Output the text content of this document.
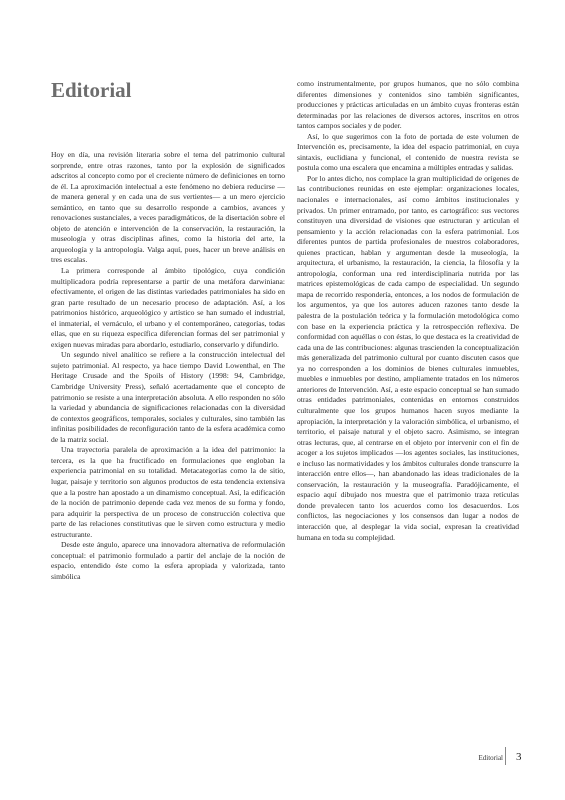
Editorial

Hoy en día, una revisión literaria sobre el tema del patrimonio cultural sorprende, entre otras razones, tanto por la explosión de significados adscritos al concepto como por el creciente número de definiciones en torno de él. La aproximación intelectual a este fenómeno no debiera reducirse —de manera general y en cada una de sus vertientes— a un mero ejercicio semántico, en tanto que su desarrollo responde a cambios, avances y renovaciones sustanciales, a veces paradigmáticos, de la disertación sobre el objeto de atención e intervención de la conservación, la restauración, la museología y otras disciplinas afines, como la historia del arte, la arqueología y la antropología. Valga aquí, pues, hacer un breve análisis en tres escalas.

La primera corresponde al ámbito tipológico, cuya condición multiplicadora podría representarse a partir de una metáfora darwiniana: efectivamente, el origen de las distintas variedades patrimoniales ha sido en gran parte resultado de un necesario proceso de adaptación. Así, a los patrimonios histórico, arqueológico y artístico se han sumado el industrial, el inmaterial, el vernáculo, el urbano y el contemporáneo, categorías, todas ellas, que en su riqueza específica diferencian formas del ser patrimonial y exigen nuevas miradas para abordarlo, estudiarlo, conservarlo y difundirlo.

Un segundo nivel analítico se refiere a la construcción intelectual del sujeto patrimonial. Al respecto, ya hace tiempo David Lowenthal, en The Heritage Crusade and the Spoils of History (1998: 94, Cambridge, Cambridge University Press), señaló acertadamente que el concepto de patrimonio se resiste a una interpretación absoluta. A ello responden no sólo la variedad y abundancia de significaciones relacionadas con la diversidad de contextos geográficos, temporales, sociales y culturales, sino también las infinitas posibilidades de reconfiguración tanto de la esfera académica como de la matriz social.

Una trayectoria paralela de aproximación a la idea del patrimonio: la tercera, es la que ha fructificado en formulaciones que engloban la experiencia patrimonial en su totalidad. Metacategorías como la de sitio, lugar, paisaje y territorio son algunos productos de esta tendencia extensiva que a la postre han apostado a un dinamismo conceptual. Así, la edificación de la noción de patrimonio depende cada vez menos de su forma y fondo, para adquirir la perspectiva de un proceso de construcción colectiva que parte de las relaciones constitutivas que le sirven como estructura y medio estructurante.

Desde este ángulo, aparece una innovadora alternativa de reformulación conceptual: el patrimonio formulado a partir del anclaje de la noción de espacio, entendido éste como la esfera apropiada y valorizada, tanto simbólica

como instrumentalmente, por grupos humanos, que no sólo combina diferentes dimensiones y contenidos sino también significantes, producciones y prácticas articuladas en un ámbito cuyas fronteras están determinadas por las relaciones de diversos actores, inscritos en otros tantos campos sociales y de poder.

Así, lo que sugerimos con la foto de portada de este volumen de Intervención es, precisamente, la idea del espacio patrimonial, en cuya sintaxis, euclidiana y funcional, el contenido de nuestra revista se postula como una escalera que encamina a múltiples entradas y salidas.

Por lo antes dicho, nos complace la gran multiplicidad de orígenes de las contribuciones reunidas en este ejemplar: organizaciones locales, nacionales e internacionales, así como ámbitos institucionales y privados. Un primer entramado, por tanto, es cartográfico: sus vectores constituyen una diversidad de visiones que estructuran y articulan el pensamiento y la acción relacionadas con la esfera patrimonial. Los diferentes puntos de partida profesionales de nuestros colaboradores, quienes practican, hablan y argumentan desde la museología, la arquitectura, el urbanismo, la restauración, la ciencia, la filosofía y la antropología, conforman una red interdisciplinaria nutrida por las matrices epistemológicas de cada campo de especialidad. Un segundo mapa de recorrido respondería, entonces, a los nodos de formulación de los argumentos, ya que los autores aducen razones tanto desde la palestra de la postulación teórica y la formulación metodológica como con base en la experiencia práctica y la retrospección reflexiva. De conformidad con aquéllas o con éstas, lo que destaca es la creatividad de cada una de las contribuciones: algunas trascienden la conceptualización más generalizada del patrimonio cultural por cuanto discuten casos que ya no corresponden a los dominios de bienes culturales inmuebles, muebles e inmuebles por destino, ampliamente tratados en los números anteriores de Intervención. Así, a este espacio conceptual se han sumado otras entidades patrimoniales, contenidas en entornos construidos culturalmente que los grupos humanos hacen suyos mediante la apropiación, la interpretación y la valoración simbólica, el urbanismo, el territorio, el paisaje natural y el objeto sacro. Asimismo, se integran otras lecturas, que, al centrarse en el objeto por intervenir con el fin de acoger a los sujetos implicados —los agentes sociales, las instituciones, e incluso las normatividades y los ámbitos culturales donde transcurre la interacción entre ellos—, han abandonado las ideas tradicionales de la conservación, la restauración y la museografía. Paradójicamente, el espacio aquí dibujado nos muestra que el patrimonio traza retículas donde prevalecen tanto los acuerdos como los desacuerdos. Los conflictos, las negociaciones y los consensos dan lugar a nodos de interacción que, al desplegar la vida social, expresan la creatividad humana en toda su complejidad.

Editorial 3
